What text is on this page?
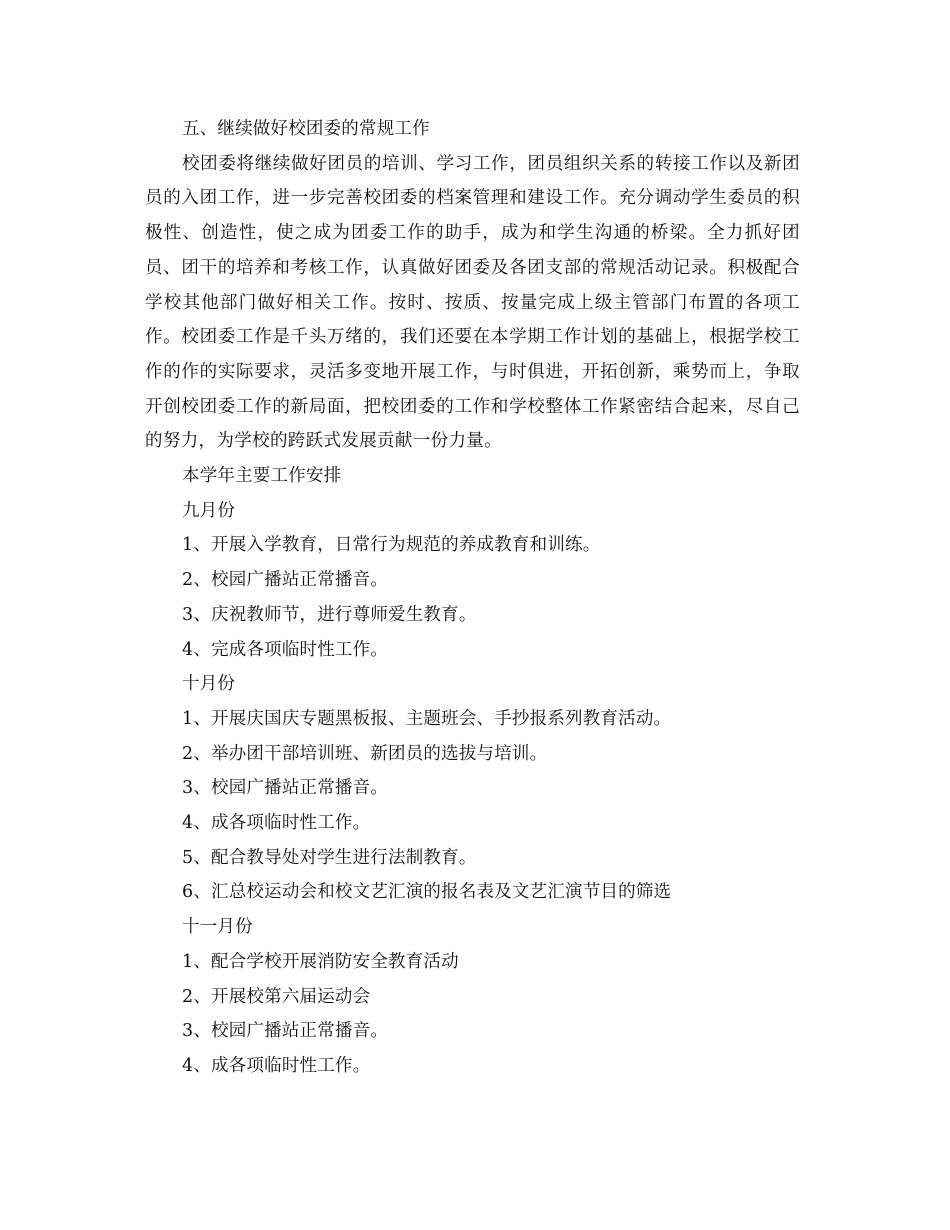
五、继续做好校团委的常规工作
校团委将继续做好团员的培训、学习工作，团员组织关系的转接工作以及新团员的入团工作，进一步完善校团委的档案管理和建设工作。充分调动学生委员的积极性、创造性，使之成为团委工作的助手，成为和学生沟通的桥梁。全力抓好团员、团干的培养和考核工作，认真做好团委及各团支部的常规活动记录。积极配合学校其他部门做好相关工作。按时、按质、按量完成上级主管部门布置的各项工作。校团委工作是千头万绪的，我们还要在本学期工作计划的基础上，根据学校工作的作的实际要求，灵活多变地开展工作，与时俱进，开拓创新，乘势而上，争取开创校团委工作的新局面，把校团委的工作和学校整体工作紧密结合起来，尽自己的努力，为学校的跨跃式发展贡献一份力量。
本学年主要工作安排
九月份
1、开展入学教育，日常行为规范的养成教育和训练。
2、校园广播站正常播音。
3、庆祝教师节，进行尊师爱生教育。
4、完成各项临时性工作。
十月份
1、开展庆国庆专题黑板报、主题班会、手抄报系列教育活动。
2、举办团干部培训班、新团员的选拔与培训。
3、校园广播站正常播音。
4、成各项临时性工作。
5、配合教导处对学生进行法制教育。
6、汇总校运动会和校文艺汇演的报名表及文艺汇演节目的筛选
十一月份
1、配合学校开展消防安全教育活动
2、开展校第六届运动会
3、校园广播站正常播音。
4、成各项临时性工作。
